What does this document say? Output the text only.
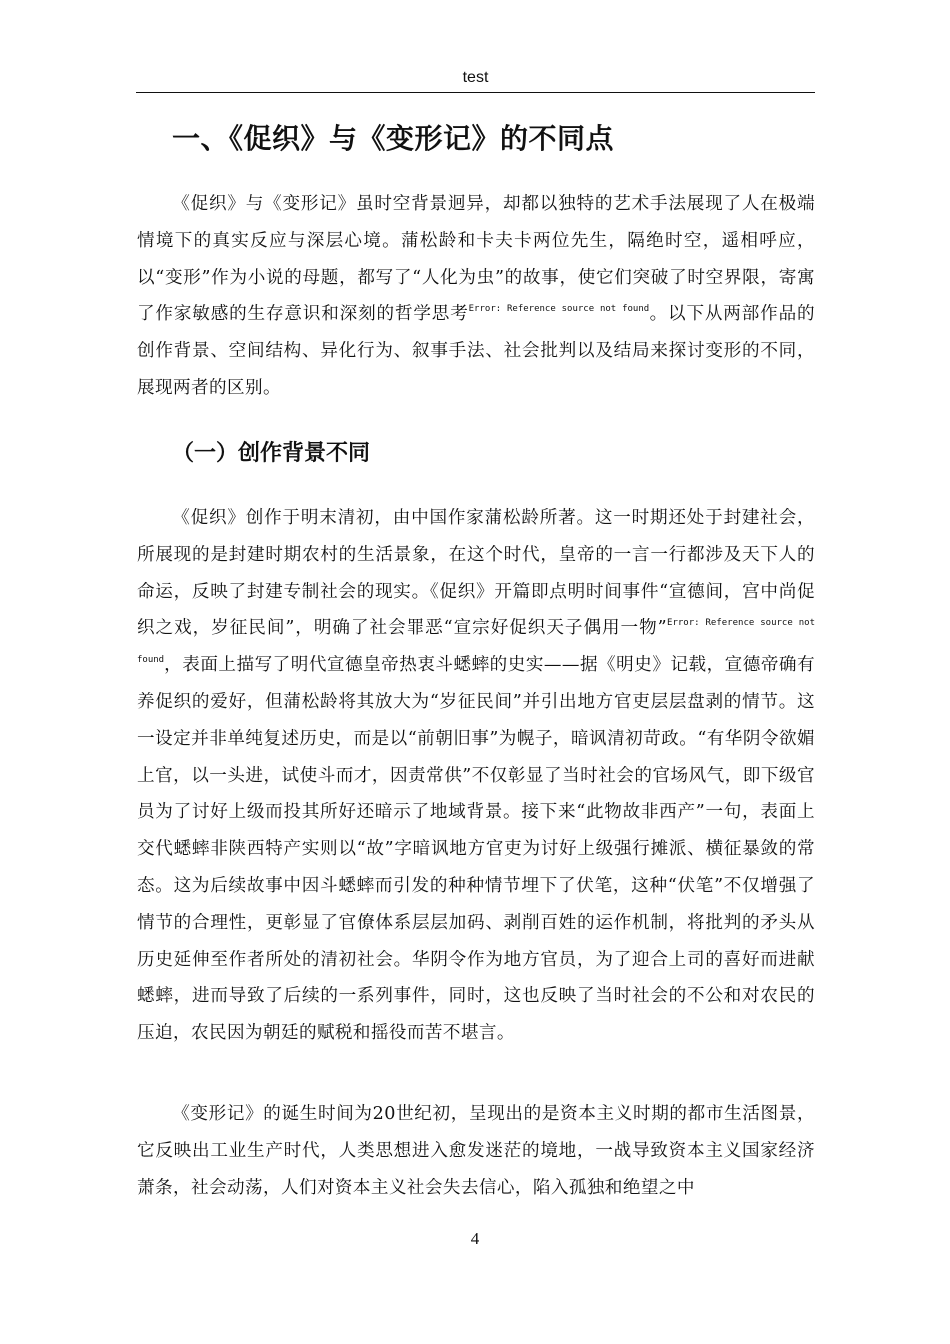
test
一、《促织》与《变形记》的不同点

《促织》与《变形记》虽时空背景迥异，却都以独特的艺术手法展现了人在极端情境下的真实反应与深层心境。蒲松龄和卡夫卡两位先生，隔绝时空，遥相呼应，以“变形”作为小说的母题，都写了“人化为虫”的故事，使它们突破了时空界限，寄寓了作家敏感的生存意识和深刻的哲学思考$^{Error: Reference source not found}$。以下从两部作品的创作背景、空间结构、异化行为、叙事手法、社会批判以及结局来探讨变形的不同，展现两者的区别。

（一）创作背景不同

《促织》创作于明末清初，由中国作家蒲松龄所著。这一时期还处于封建社会，所展现的是封建时期农村的生活景象，在这个时代，皇帝的一言一行都涉及天下人的命运，反映了封建专制社会的现实。《促织》开篇即点明时间事件“宣德间，宫中尚促织之戏，岁征民间”，明确了社会罪恶“宣宗好促织天子偶用一物”$^{Error: Reference source not found}$，表面上描写了明代宣德皇帝热衷斗蟋蟀的史实——据《明史》记载，宣德帝确有养促织的爱好，但蒲松龄将其放大为“岁征民间”并引出地方官吏层层盘剥的情节。这一设定并非单纯复述历史，而是以“前朝旧事”为幌子，暗讽清初苛政。“有华阴令欲媚上官，以一头进，试使斗而才，因责常供”不仅彰显了当时社会的官场风气，即下级官员为了讨好上级而投其所好还暗示了地域背景。接下来“此物故非西产”一句，表面上交代蟋蟀非陕西特产实则以“故”字暗讽地方官吏为讨好上级强行摊派、横征暴敛的常态。这为后续故事中因斗蟋蟀而引发的种种情节埋下了伏笔，这种“伏笔”不仅增强了情节的合理性，更彰显了官僚体系层层加码、剥削百姓的运作机制，将批判的矛头从历史延伸至作者所处的清初社会。华阴令作为地方官员，为了迎合上司的喜好而进献蟋蟀，进而导致了后续的一系列事件，同时，这也反映了当时社会的不公和对农民的压迫，农民因为朝廷的赋税和摇役而苦不堪言。

《变形记》的诞生时间为20世纪初，呈现出的是资本主义时期的都市生活图景，它反映出工业生产时代，人类思想进入愈发迷茫的境地，一战导致资本主义国家经济萧条，社会动荡，人们对资本主义社会失去信心，陷入孤独和绝望之中

4
